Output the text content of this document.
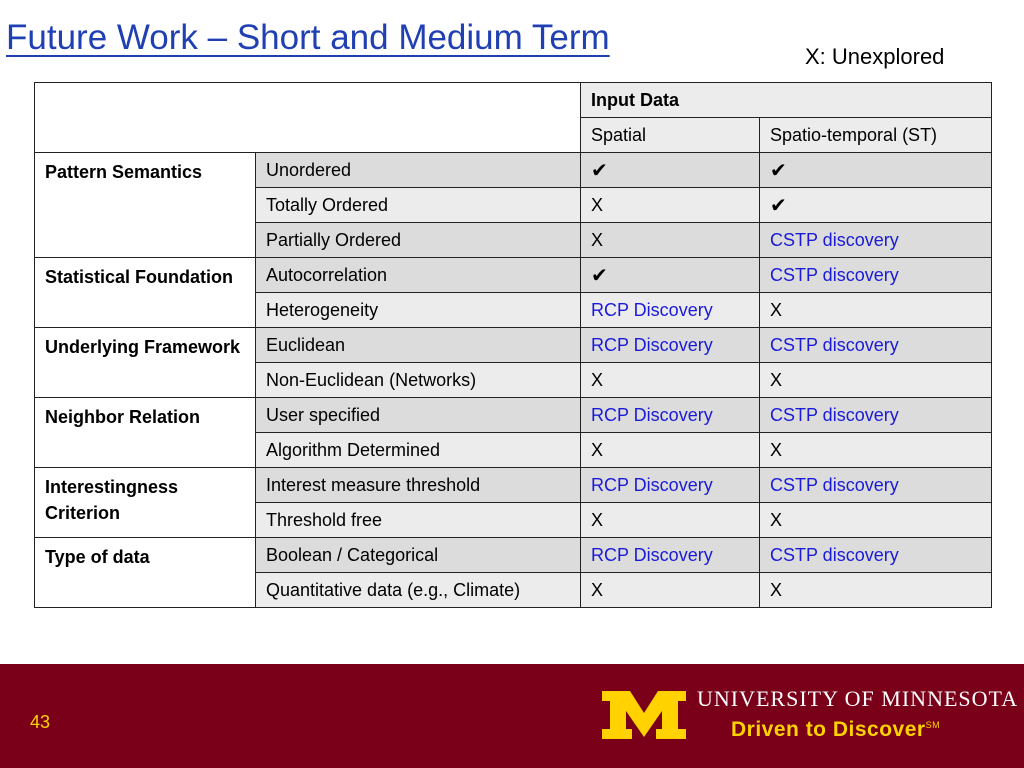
Future Work – Short and Medium Term	X: Unexplored
		Input Data	
		Spatial	Spatio-temporal (ST)
Pattern Semantics	Unordered	✔	✔
	Totally Ordered	X	✔
	Partially Ordered	X	CSTP discovery
Statistical Foundation	Autocorrelation	✔	CSTP discovery
	Heterogeneity	RCP Discovery	X
Underlying Framework	Euclidean	RCP Discovery	CSTP discovery
	Non-Euclidean (Networks)	X	X
Neighbor Relation	User specified	RCP Discovery	CSTP discovery
	Algorithm Determined	X	X
Interestingness Criterion	Interest measure threshold	RCP Discovery	CSTP discovery
	Threshold free	X	X
Type of data	Boolean / Categorical	RCP Discovery	CSTP discovery
	Quantitative data (e.g., Climate)	X	X
43
UNIVERSITY OF MINNESOTA
Driven to Discover℠
